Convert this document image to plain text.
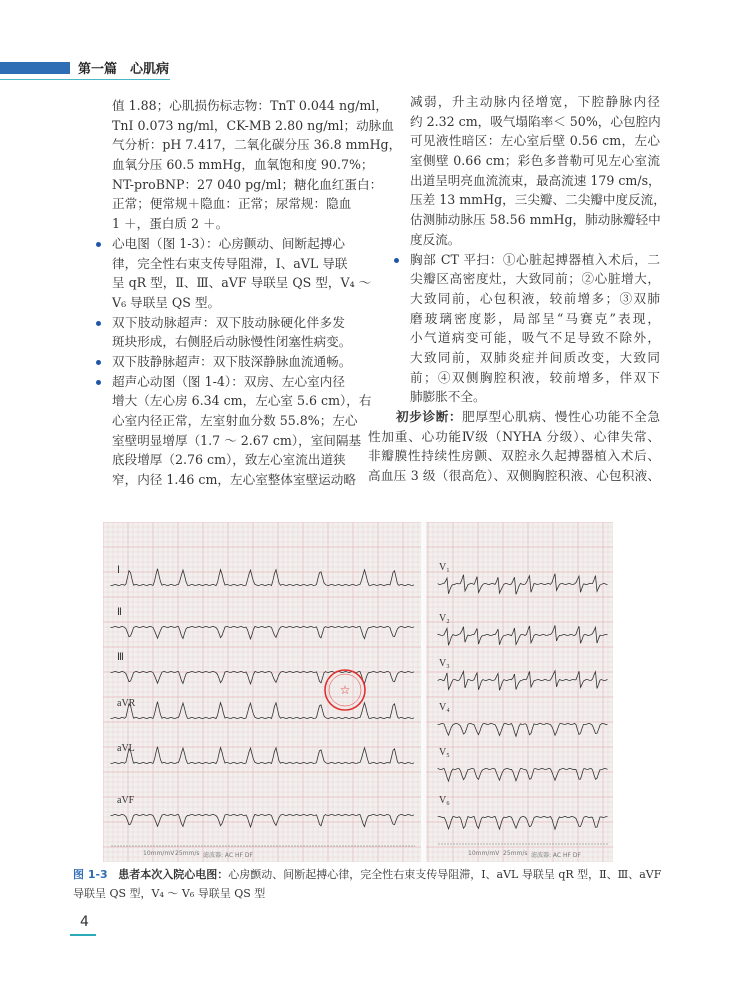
第一篇　心肌病
值 1.88；心肌损伤标志物：TnT 0.044 ng/ml，
TnI 0.073 ng/ml，CK-MB 2.80 ng/ml；动脉血
气分析：pH 7.417，二氧化碳分压 36.8 mmHg，
血氧分压 60.5 mmHg，血氧饱和度 90.7%；
NT-proBNP：27 040 pg/ml；糖化血红蛋白：
正常；便常规＋隐血：正常；尿常规：隐血
1 ＋，蛋白质 2 ＋。
心电图（图 1-3）：心房颤动、间断起搏心
律，完全性右束支传导阻滞，Ⅰ、aVL 导联
呈 qR 型，Ⅱ、Ⅲ、aVF 导联呈 QS 型，V₄ ～
V₆ 导联呈 QS 型。
双下肢动脉超声：双下肢动脉硬化伴多发
斑块形成，右侧胫后动脉慢性闭塞性病变。
双下肢静脉超声：双下肢深静脉血流通畅。
超声心动图（图 1-4）：双房、左心室内径
增大（左心房 6.34 cm，左心室 5.6 cm），右
心室内径正常，左室射血分数 55.8%；左心
室壁明显增厚（1.7 ～ 2.67 cm），室间隔基
底段增厚（2.76 cm），致左心室流出道狭
窄，内径 1.46 cm，左心室整体室壁运动略
减弱，升主动脉内径增宽，下腔静脉内径
约 2.32 cm，吸气塌陷率＜ 50%，心包腔内
可见液性暗区：左心室后壁 0.56 cm，左心
室侧壁 0.66 cm；彩色多普勒可见左心室流
出道呈明亮血流流束，最高流速 179 cm/s，
压差 13 mmHg，三尖瓣、二尖瓣中度反流，
估测肺动脉压 58.56 mmHg，肺动脉瓣轻中
度反流。
胸部 CT 平扫：①心脏起搏器植入术后，二
尖瓣区高密度灶，大致同前；②心脏增大，
大致同前，心包积液，较前增多；③双肺
磨玻璃密度影，局部呈“马赛克”表现，
小气道病变可能，吸气不足导致不除外，
大致同前，双肺炎症并间质改变，大致同
前；④双侧胸腔积液，较前增多，伴双下
肺膨胀不全。
初步诊断：肥厚型心肌病、慢性心功能不全急
性加重、心功能Ⅳ级（NYHA 分级）、心律失常、
非瓣膜性持续性房颤、双腔永久起搏器植入术后、
高血压 3 级（很高危）、双侧胸腔积液、心包积液、
☆
Ⅰ
Ⅱ
Ⅲ
aVR
aVL
aVF
V₁
V₂
V₃
V₄
V₅
V₆
10mm/mV 25mm/s 滤波器: AC HF DF	10mm/mV 25mm/s 滤波器: AC HF DF
图 1-3 患者本次入院心电图：心房颤动、间断起搏心律，完全性右束支传导阻滞，Ⅰ、aVL 导联呈 qR 型，Ⅱ、Ⅲ、aVF
导联呈 QS 型，V₄ ～ V₆ 导联呈 QS 型
4
